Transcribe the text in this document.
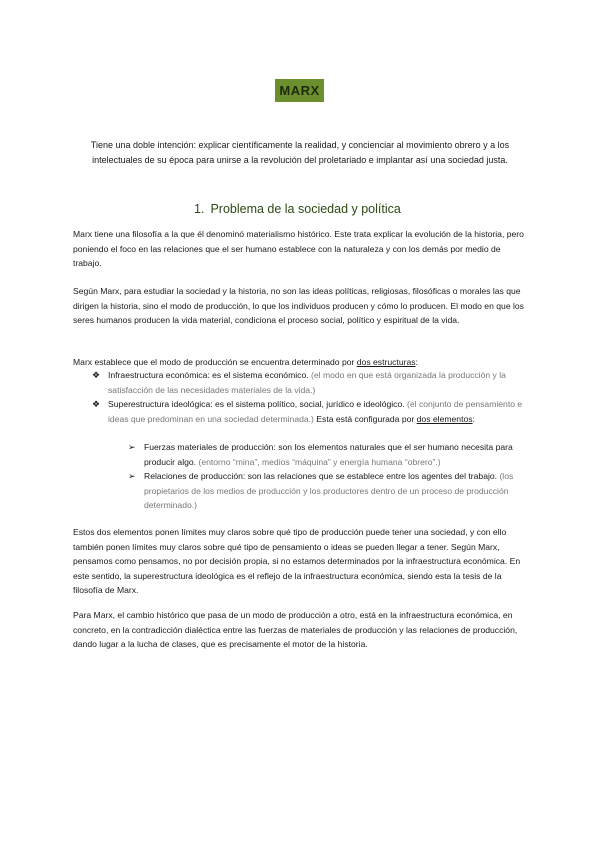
MARX
Tiene una doble intención: explicar científicamente la realidad, y concienciar al movimiento obrero y a los intelectuales de su época para unirse a la revolución del proletariado e implantar así una sociedad justa.
1. Problema de la sociedad y política
Marx tiene una filosofía a la que él denominó materialismo histórico. Este trata explicar la evolución de la historia, pero poniendo el foco en las relaciones que el ser humano establece con la naturaleza y con los demás por medio de trabajo.
Según Marx, para estudiar la sociedad y la historia, no son las ideas políticas, religiosas, filosóficas o morales las que dirigen la historia, sino el modo de producción, lo que los individuos producen y cómo lo producen. El modo en que los seres humanos producen la vida material, condiciona el proceso social, político y espiritual de la vida.
Marx establece que el modo de producción se encuentra determinado por dos estructuras:
❖ Infraestructura económica: es el sistema económico. (el modo en que está organizada la producción y la satisfacción de las necesidades materiales de la vida.)
❖ Superestructura ideológica: es el sistema político, social, jurídico e ideológico. (el conjunto de pensamiento e ideas que predominan en una sociedad determinada.) Esta está configurada por dos elementos:
➢ Fuerzas materiales de producción: son los elementos naturales que el ser humano necesita para producir algo. (entorno “mina”, medios “máquina” y energía humana “obrero”.)
➢ Relaciones de producción: son las relaciones que se establece entre los agentes del trabajo. (los propietarios de los medios de producción y los productores dentro de un proceso de producción determinado.)
Estos dos elementos ponen límites muy claros sobre qué tipo de producción puede tener una sociedad, y con ello también ponen límites muy claros sobre qué tipo de pensamiento o ideas se pueden llegar a tener. Según Marx, pensamos como pensamos, no por decisión propia, si no estamos determinados por la infraestructura económica. En este sentido, la superestructura ideológica es el reflejo de la infraestructura económica, siendo esta la tesis de la filosofía de Marx.
Para Marx, el cambio histórico que pasa de un modo de producción a otro, está en la infraestructura económica, en concreto, en la contradicción dialéctica entre las fuerzas de materiales de producción y las relaciones de producción, dando lugar a la lucha de clases, que es precisamente el motor de la historia.
